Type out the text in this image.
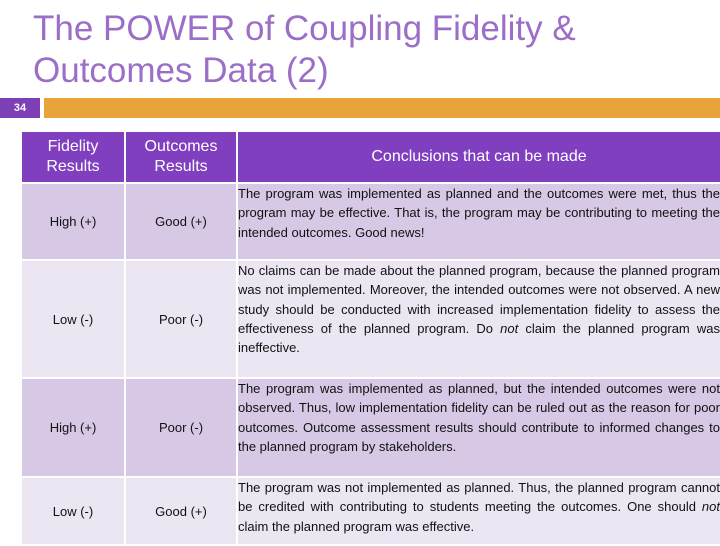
The POWER of Coupling Fidelity & Outcomes Data (2)
34
Fidelity Results	Outcomes Results	Conclusions that can be made
High (+)	Good (+)	The program was implemented as planned and the outcomes were met, thus the program may be effective. That is, the program may be contributing to meeting the intended outcomes. Good news!
Low (-)	Poor (-)	No claims can be made about the planned program, because the planned program was not implemented. Moreover, the intended outcomes were not observed. A new study should be conducted with increased implementation fidelity to assess the effectiveness of the planned program. Do not claim the planned program was ineffective.
High (+)	Poor (-)	The program was implemented as planned, but the intended outcomes were not observed. Thus, low implementation fidelity can be ruled out as the reason for poor outcomes. Outcome assessment results should contribute to informed changes to the planned program by stakeholders.
Low (-)	Good (+)	The program was not implemented as planned. Thus, the planned program cannot be credited with contributing to students meeting the outcomes. One should not claim the planned program was effective.
